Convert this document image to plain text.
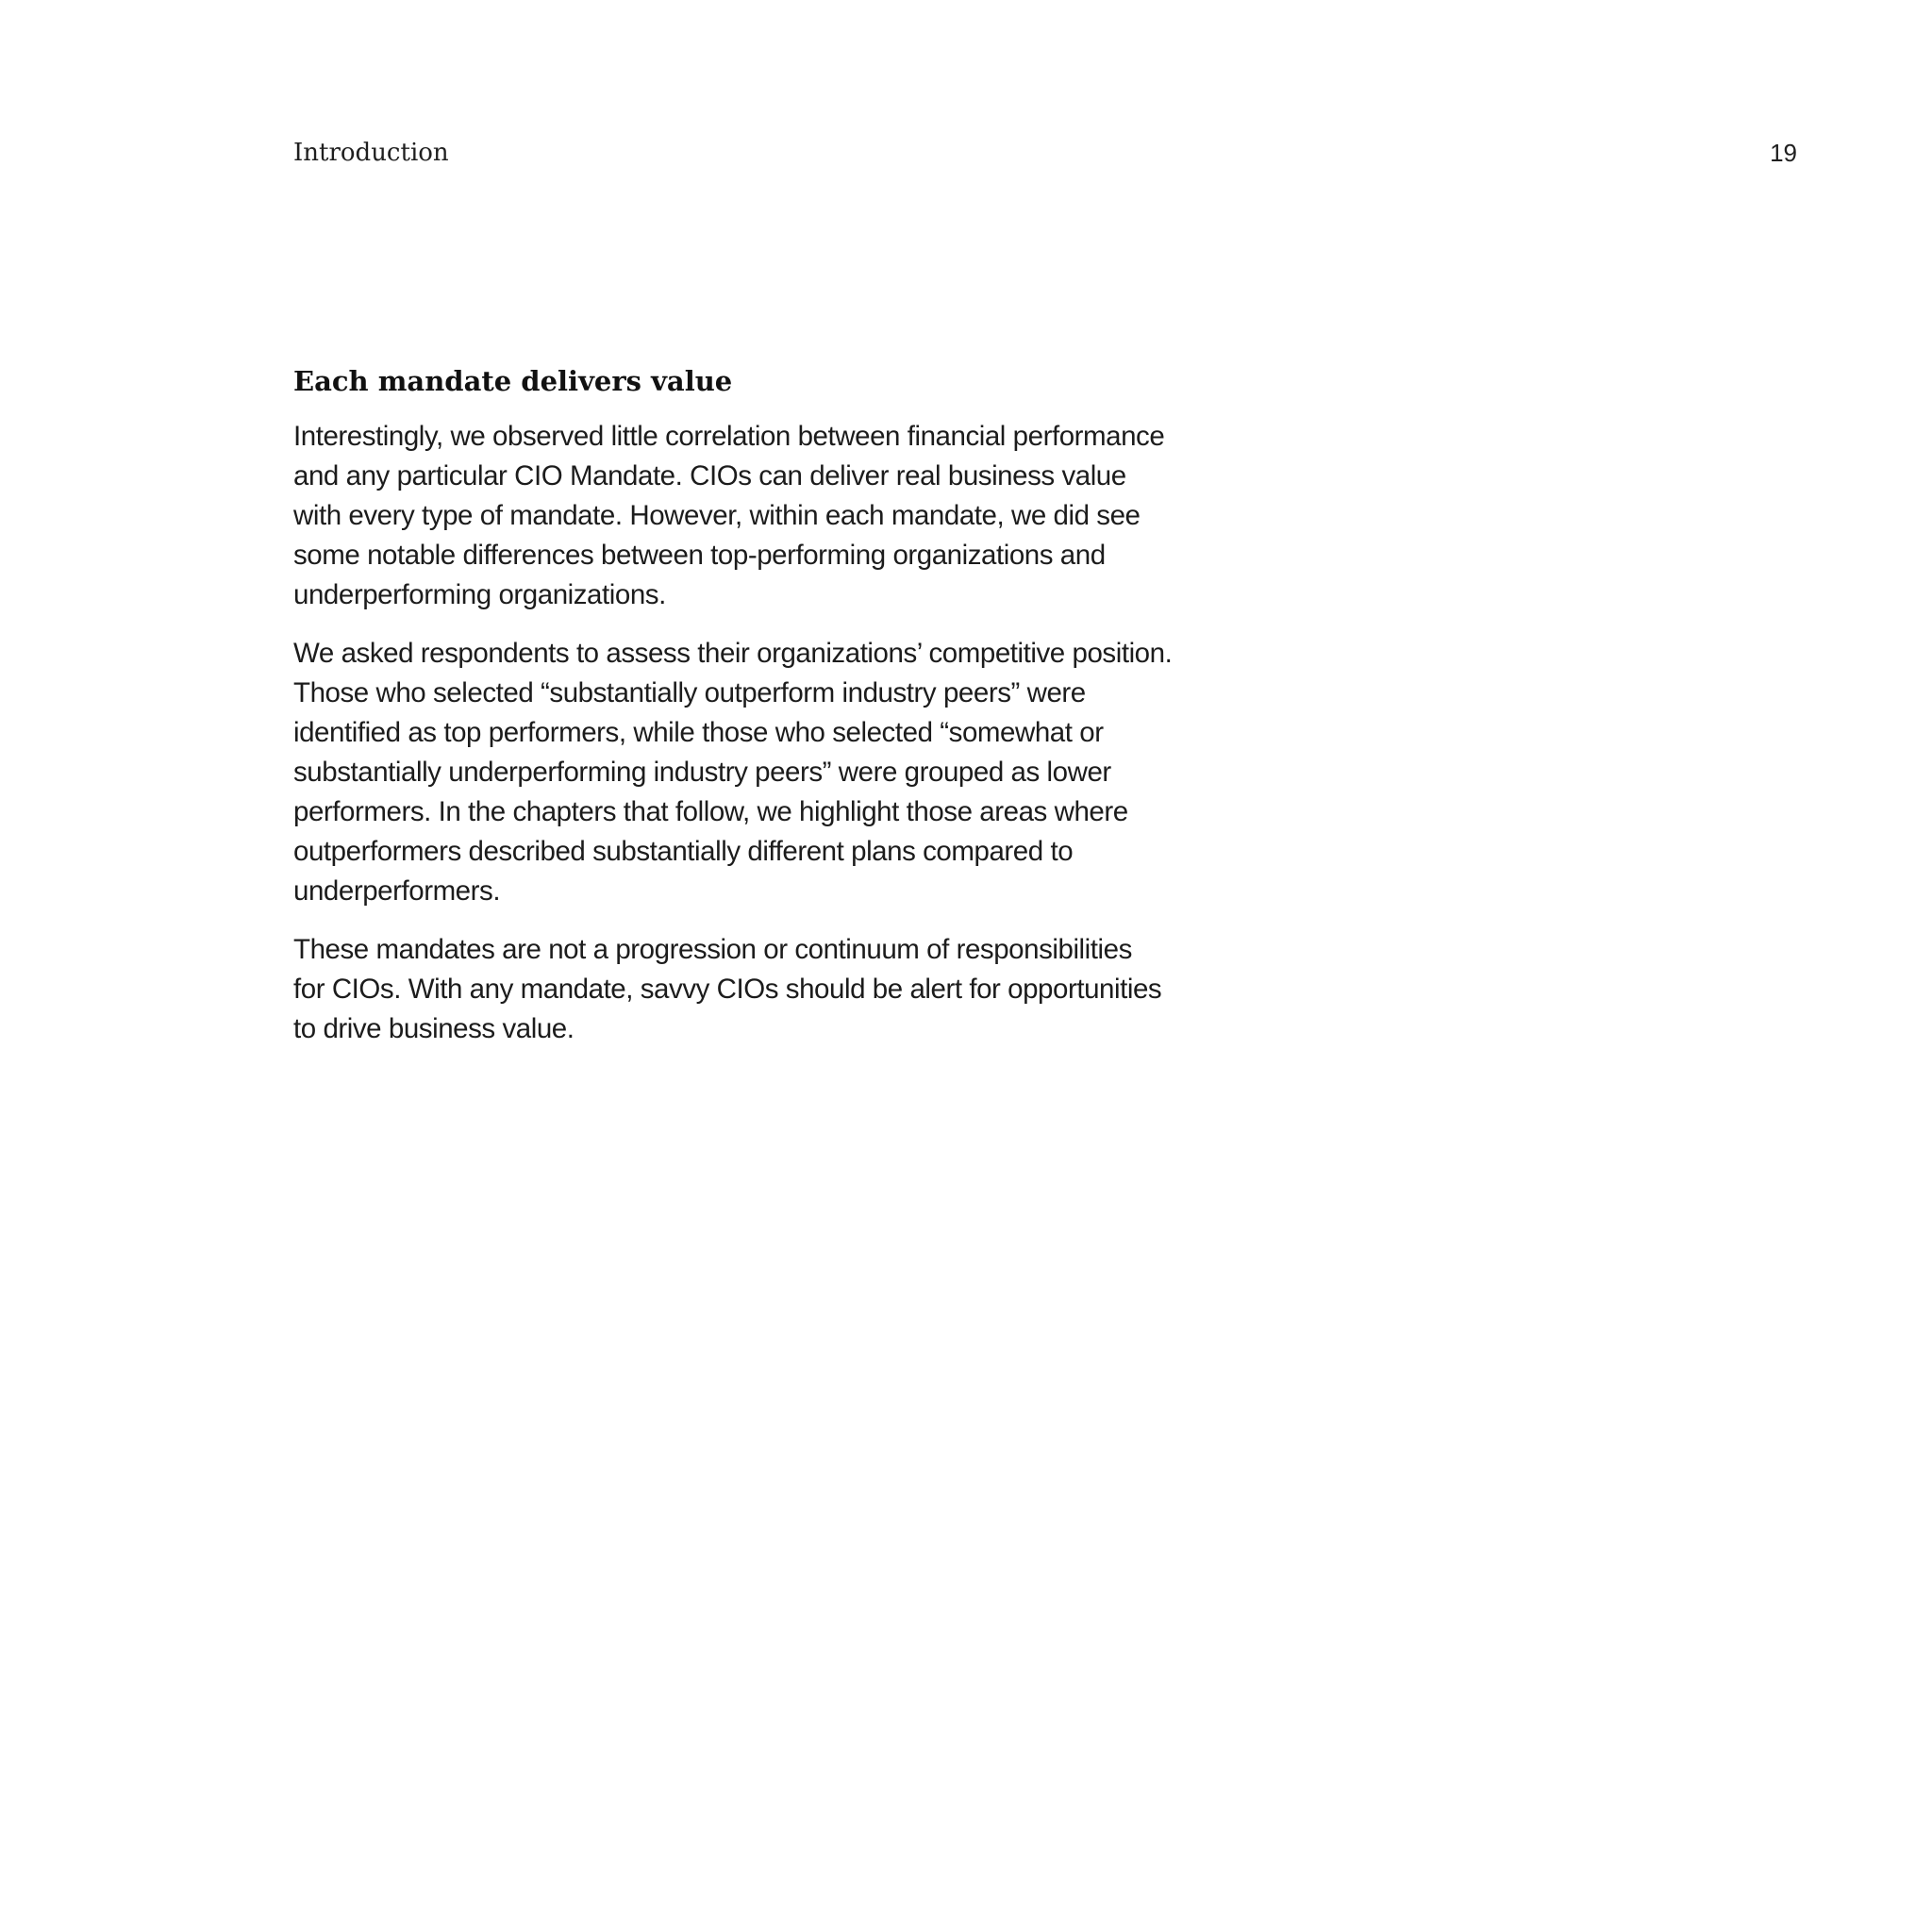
Introduction	19
Each mandate delivers value

Interestingly, we observed little correlation between financial performance
and any particular CIO Mandate. CIOs can deliver real business value
with every type of mandate. However, within each mandate, we did see
some notable differences between top-performing organizations and
underperforming organizations.

We asked respondents to assess their organizations’ competitive position.
Those who selected “substantially outperform industry peers” were
identified as top performers, while those who selected “somewhat or
substantially underperforming industry peers” were grouped as lower
performers. In the chapters that follow, we highlight those areas where
outperformers described substantially different plans compared to
underperformers.

These mandates are not a progression or continuum of responsibilities
for CIOs. With any mandate, savvy CIOs should be alert for opportunities
to drive business value.
